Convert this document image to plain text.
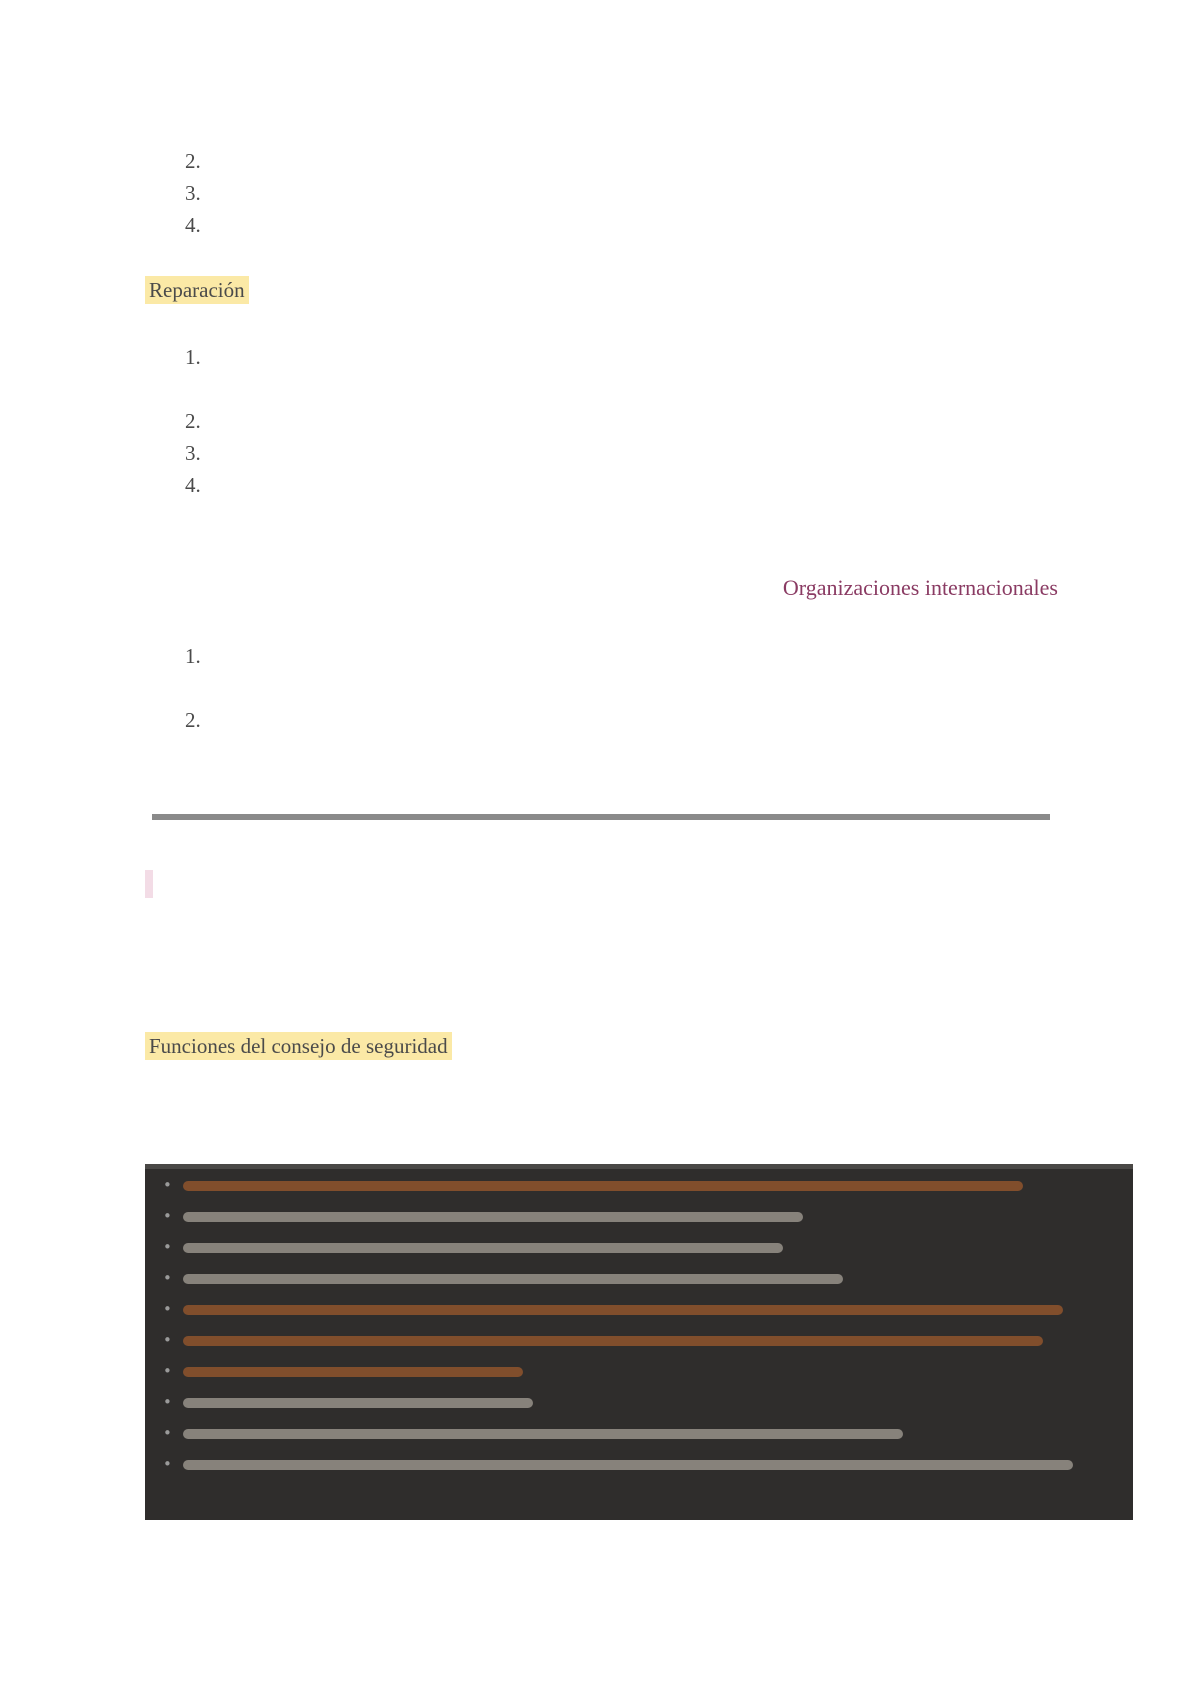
2.
3.
4.
Reparación
1.
2.
3.
4.
Organizaciones internacionales
1.
2.
Funciones del consejo de seguridad
•
•
•
•
•
•
•
•
•
•
